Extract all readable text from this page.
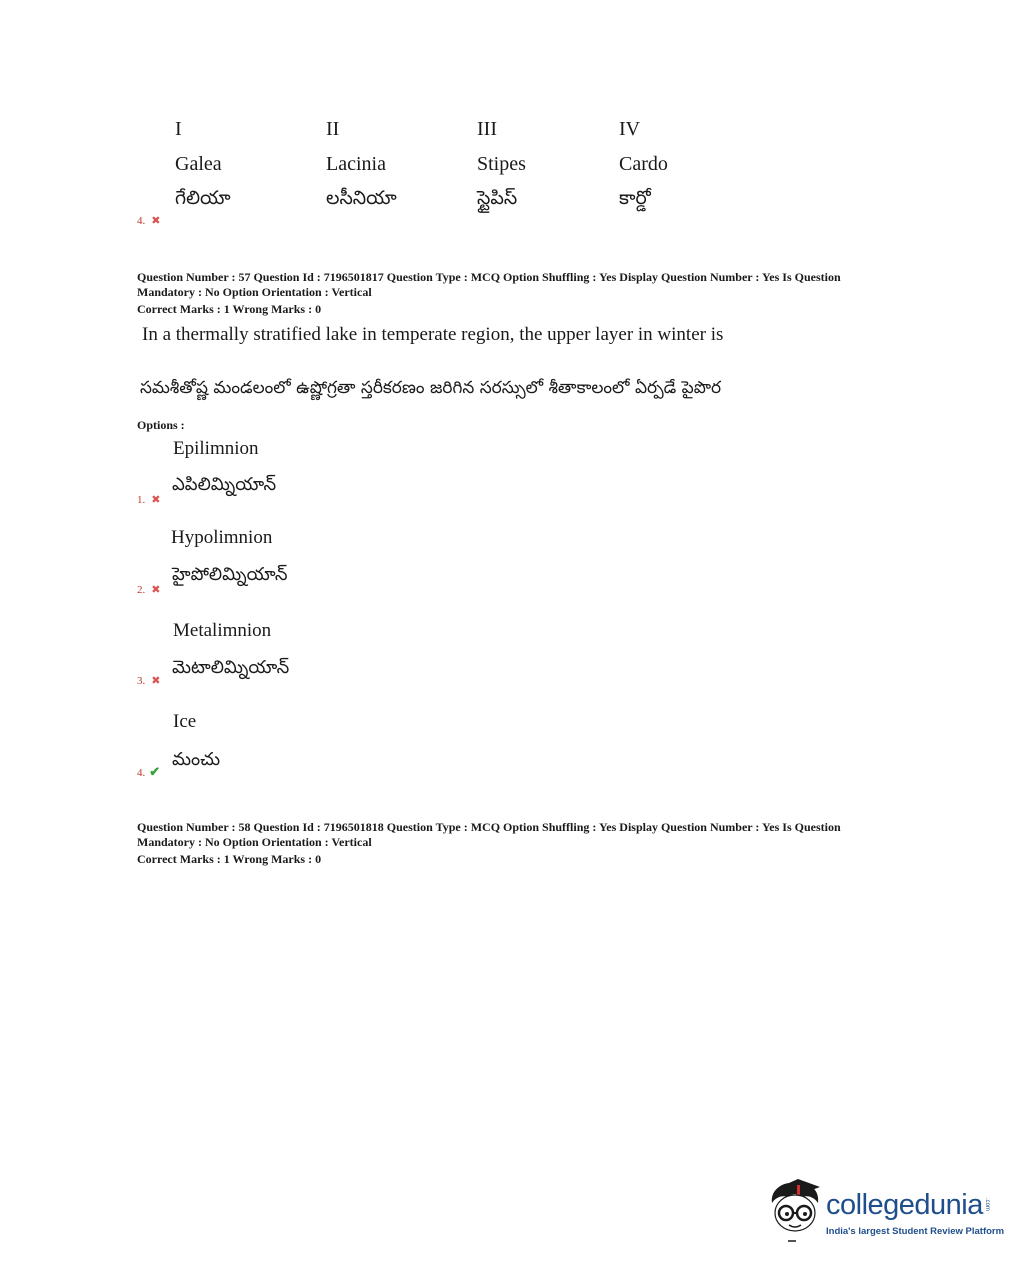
I	II	III	IV
Galea	Lacinia	Stipes	Cardo
గేలియా	లసీనియా	స్టైపిస్	కార్డో
4. ✖
Question Number : 57 Question Id : 7196501817 Question Type : MCQ Option Shuffling : Yes Display Question Number : Yes Is Question
Mandatory : No Option Orientation : Vertical
Correct Marks : 1 Wrong Marks : 0
In a thermally stratified lake in temperate region, the upper layer in winter is
సమశీతోష్ణ మండలంలో ఉష్ణోగ్రతా స్తరీకరణం జరిగిన సరస్సులో శీతాకాలంలో ఏర్పడే పైపొర
Options :
Epilimnion
ఎపిలిమ్నియాన్
1. ✖
Hypolimnion
హైపోలిమ్నియాన్
2. ✖
Metalimnion
మెటాలిమ్నియాన్
3. ✖
Ice
మంచు
4. ✔
Question Number : 58 Question Id : 7196501818 Question Type : MCQ Option Shuffling : Yes Display Question Number : Yes Is Question
Mandatory : No Option Orientation : Vertical
Correct Marks : 1 Wrong Marks : 0
collegedunia .com
India's largest Student Review Platform
